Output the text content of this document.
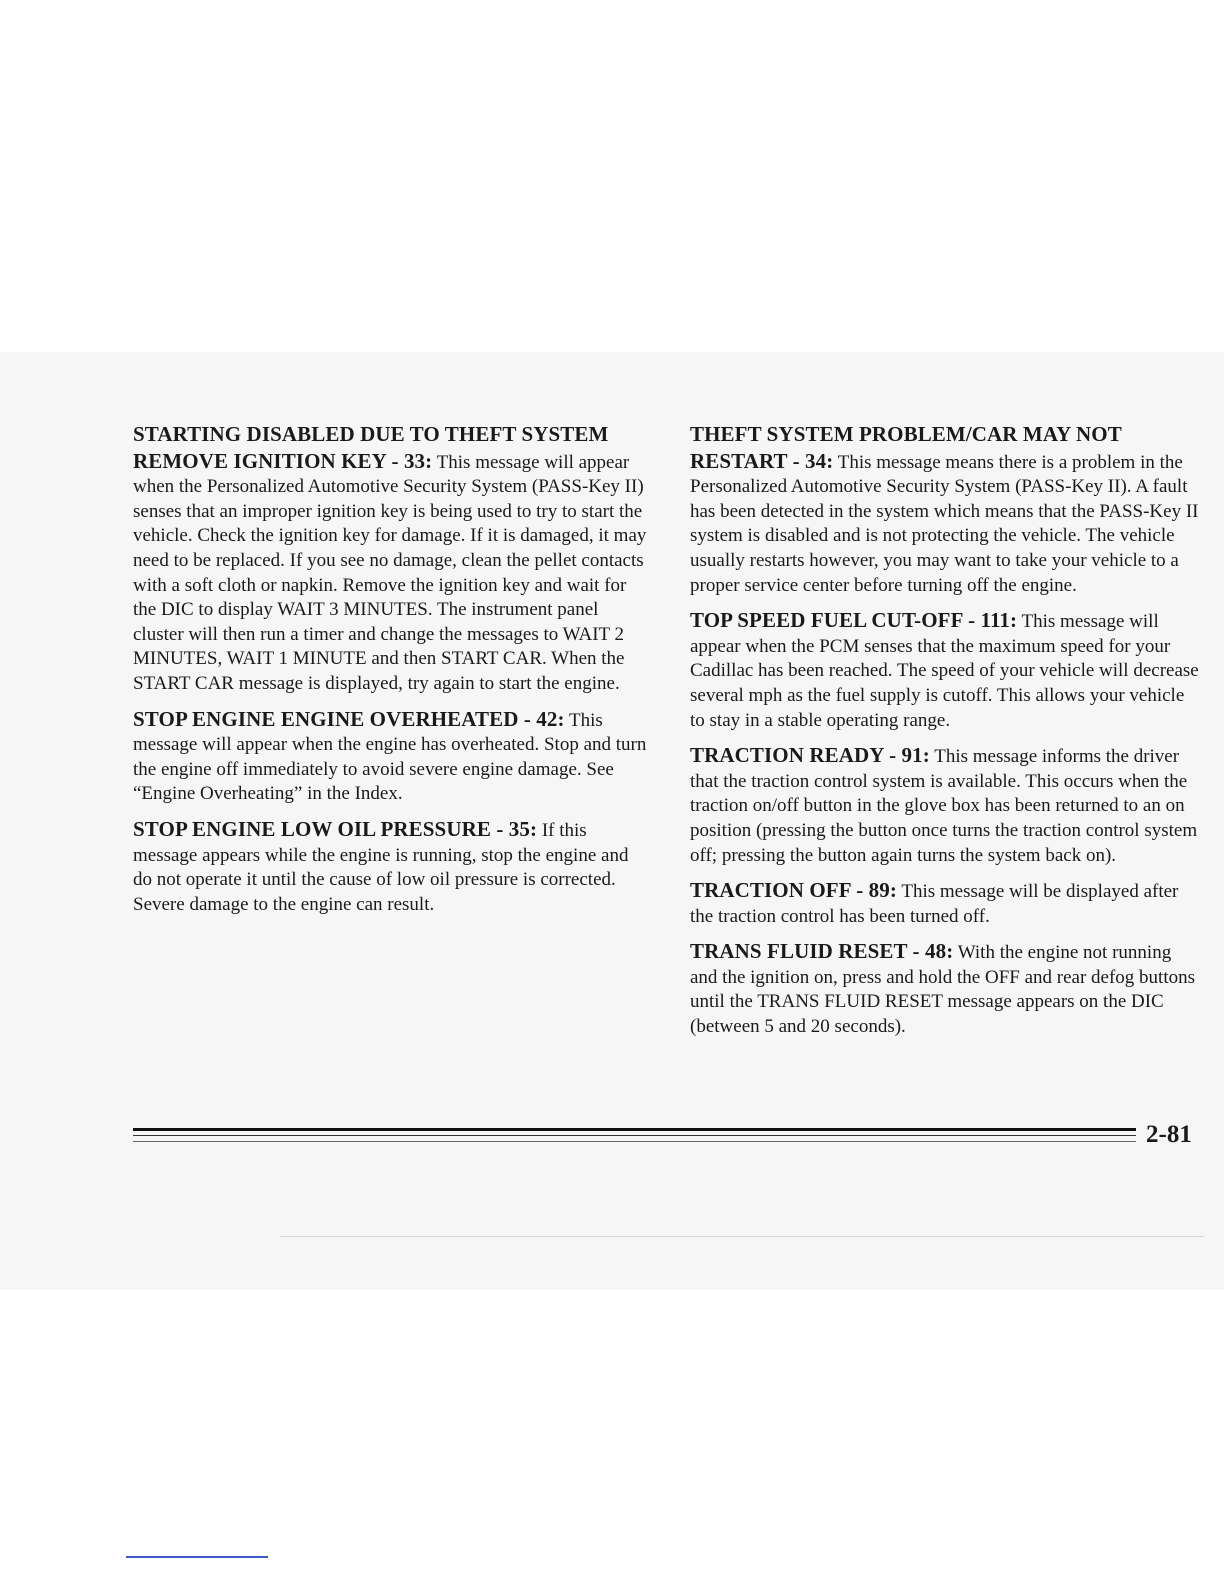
STARTING DISABLED DUE TO THEFT SYSTEM REMOVE IGNITION KEY - 33: This message will appear when the Personalized Automotive Security System (PASS-Key II) senses that an improper ignition key is being used to try to start the vehicle. Check the ignition key for damage. If it is damaged, it may need to be replaced. If you see no damage, clean the pellet contacts with a soft cloth or napkin. Remove the ignition key and wait for the DIC to display WAIT 3 MINUTES. The instrument panel cluster will then run a timer and change the messages to WAIT 2 MINUTES, WAIT 1 MINUTE and then START CAR. When the START CAR message is displayed, try again to start the engine.

STOP ENGINE ENGINE OVERHEATED - 42: This message will appear when the engine has overheated. Stop and turn the engine off immediately to avoid severe engine damage. See “Engine Overheating” in the Index.

STOP ENGINE LOW OIL PRESSURE - 35: If this message appears while the engine is running, stop the engine and do not operate it until the cause of low oil pressure is corrected. Severe damage to the engine can result.

THEFT SYSTEM PROBLEM/CAR MAY NOT RESTART - 34: This message means there is a problem in the Personalized Automotive Security System (PASS-Key II). A fault has been detected in the system which means that the PASS-Key II system is disabled and is not protecting the vehicle. The vehicle usually restarts however, you may want to take your vehicle to a proper service center before turning off the engine.

TOP SPEED FUEL CUT-OFF - 111: This message will appear when the PCM senses that the maximum speed for your Cadillac has been reached. The speed of your vehicle will decrease several mph as the fuel supply is cutoff. This allows your vehicle to stay in a stable operating range.

TRACTION READY - 91: This message informs the driver that the traction control system is available. This occurs when the traction on/off button in the glove box has been returned to an on position (pressing the button once turns the traction control system off; pressing the button again turns the system back on).

TRACTION OFF - 89: This message will be displayed after the traction control has been turned off.

TRANS FLUID RESET - 48: With the engine not running and the ignition on, press and hold the OFF and rear defog buttons until the TRANS FLUID RESET message appears on the DIC (between 5 and 20 seconds).

2-81
